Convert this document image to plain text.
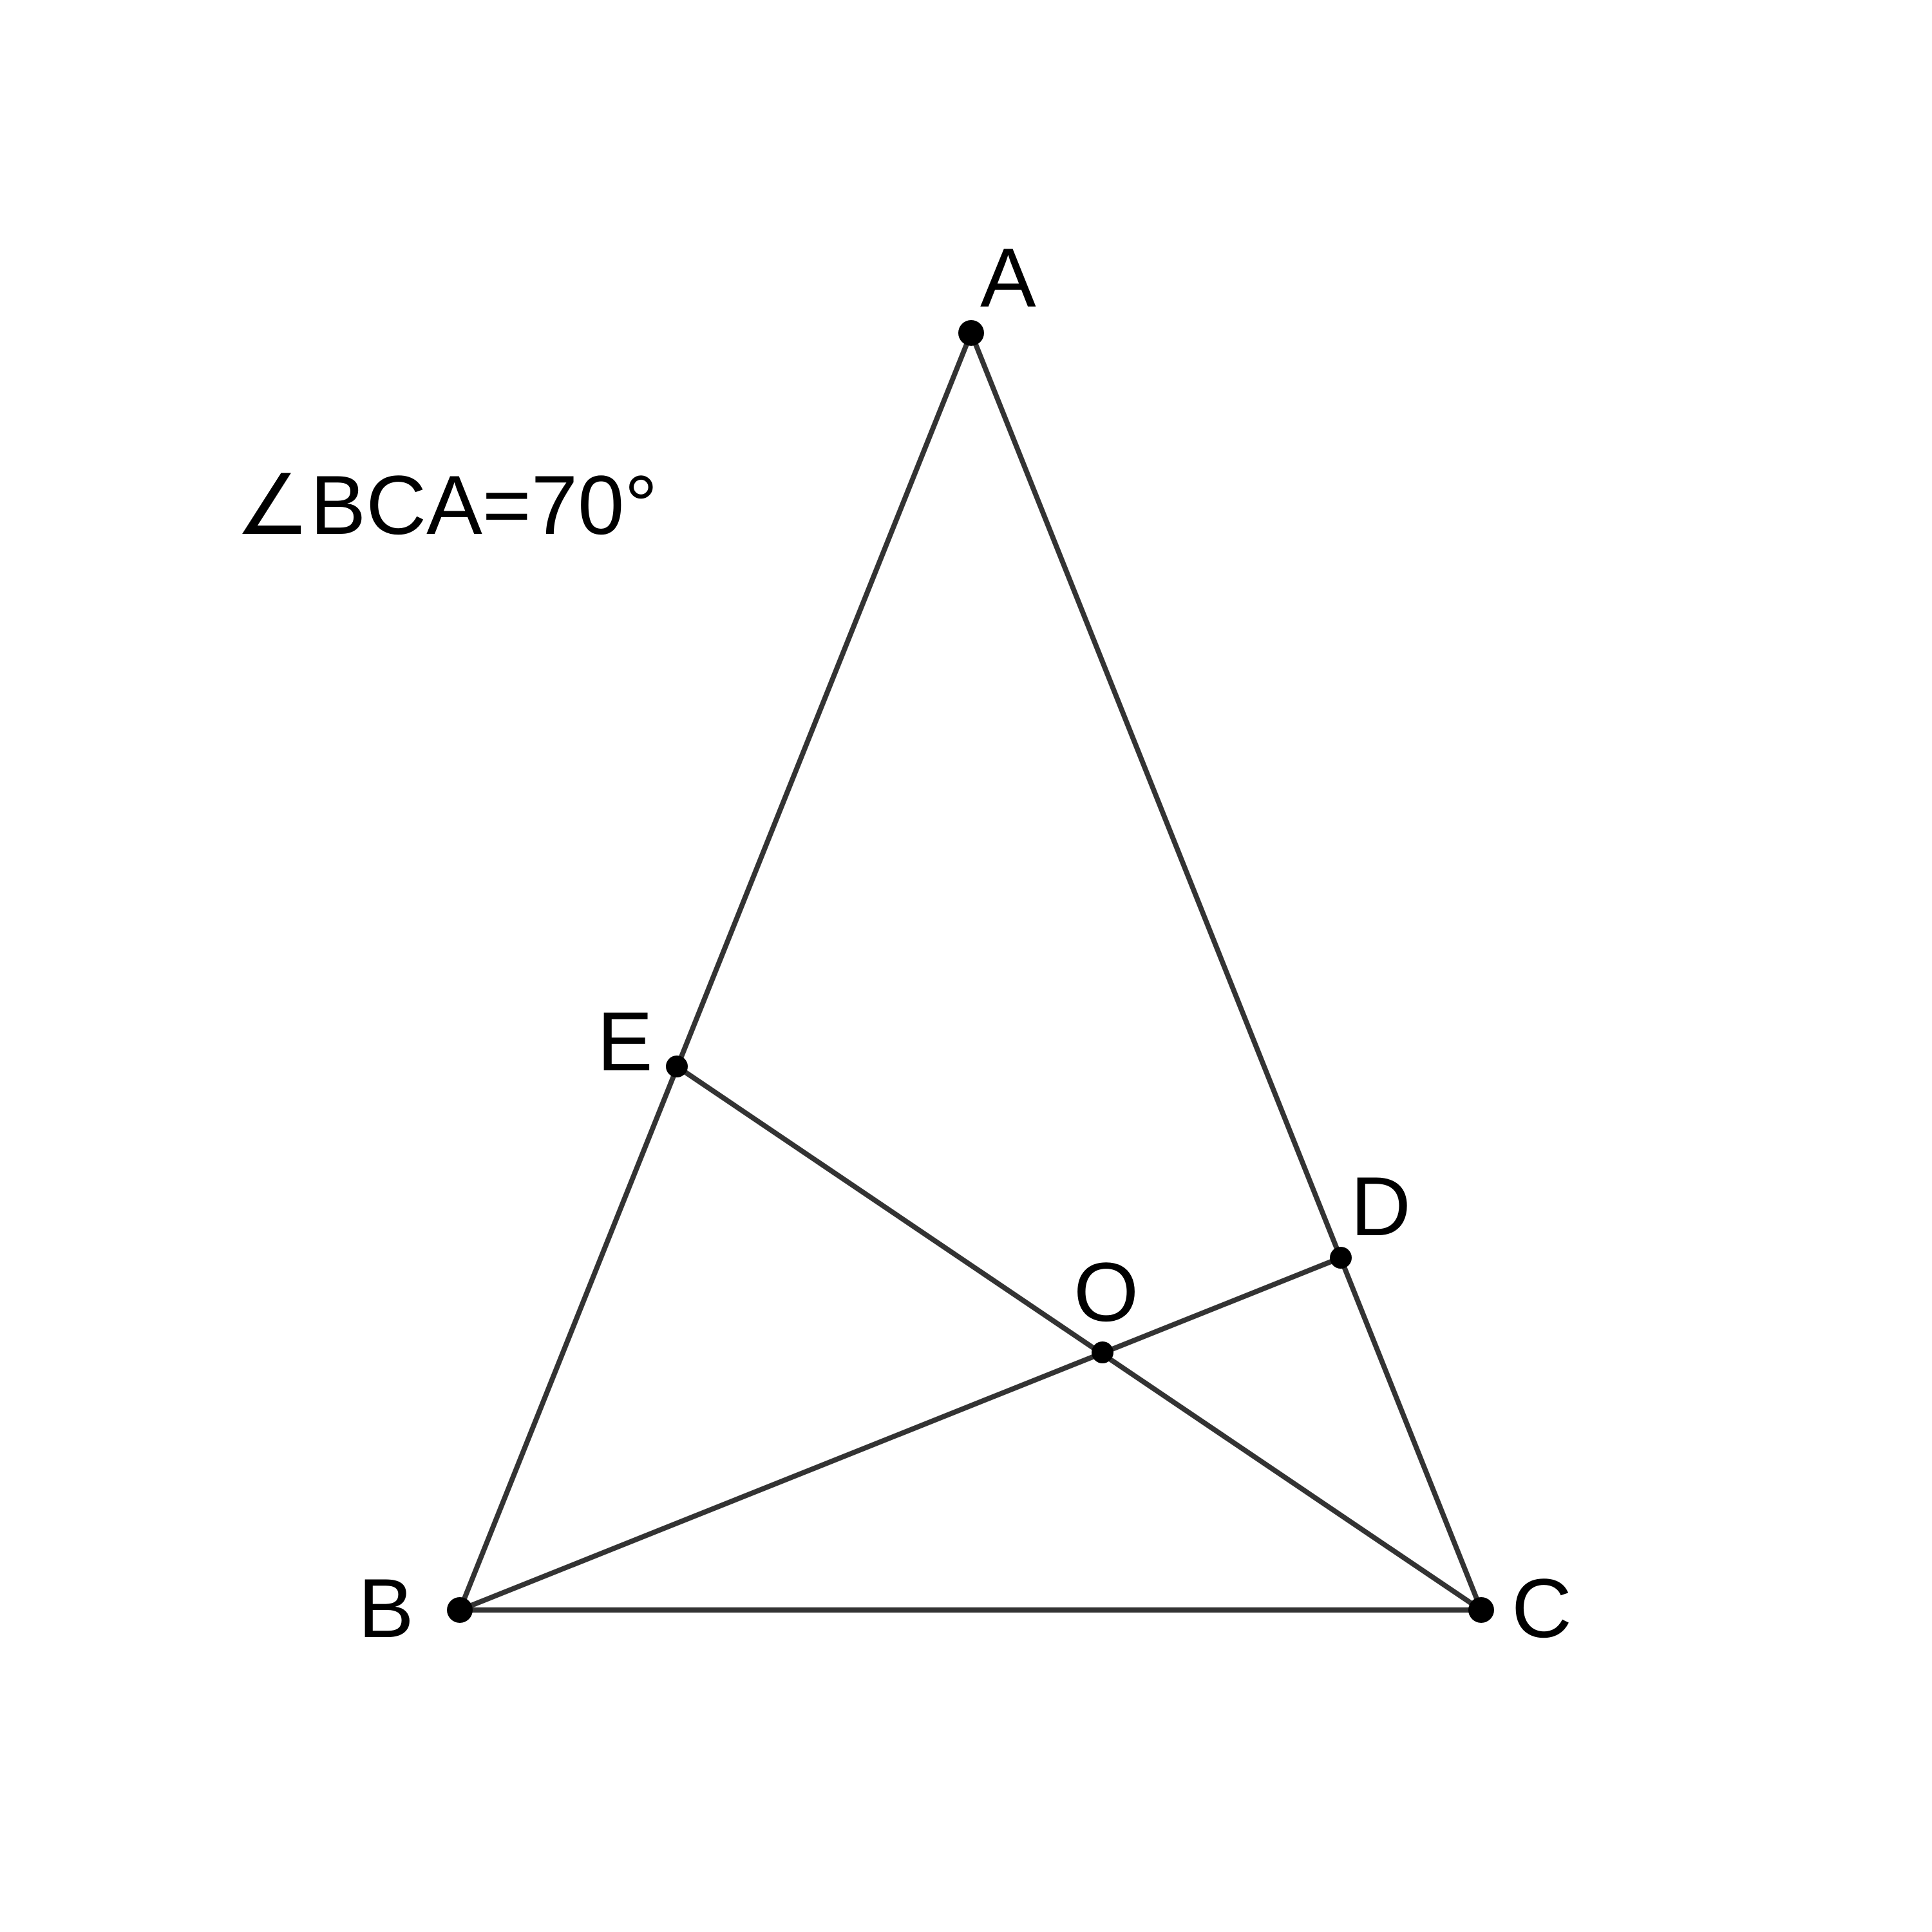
A
B	C
D
E
O
∠BCA=70°
